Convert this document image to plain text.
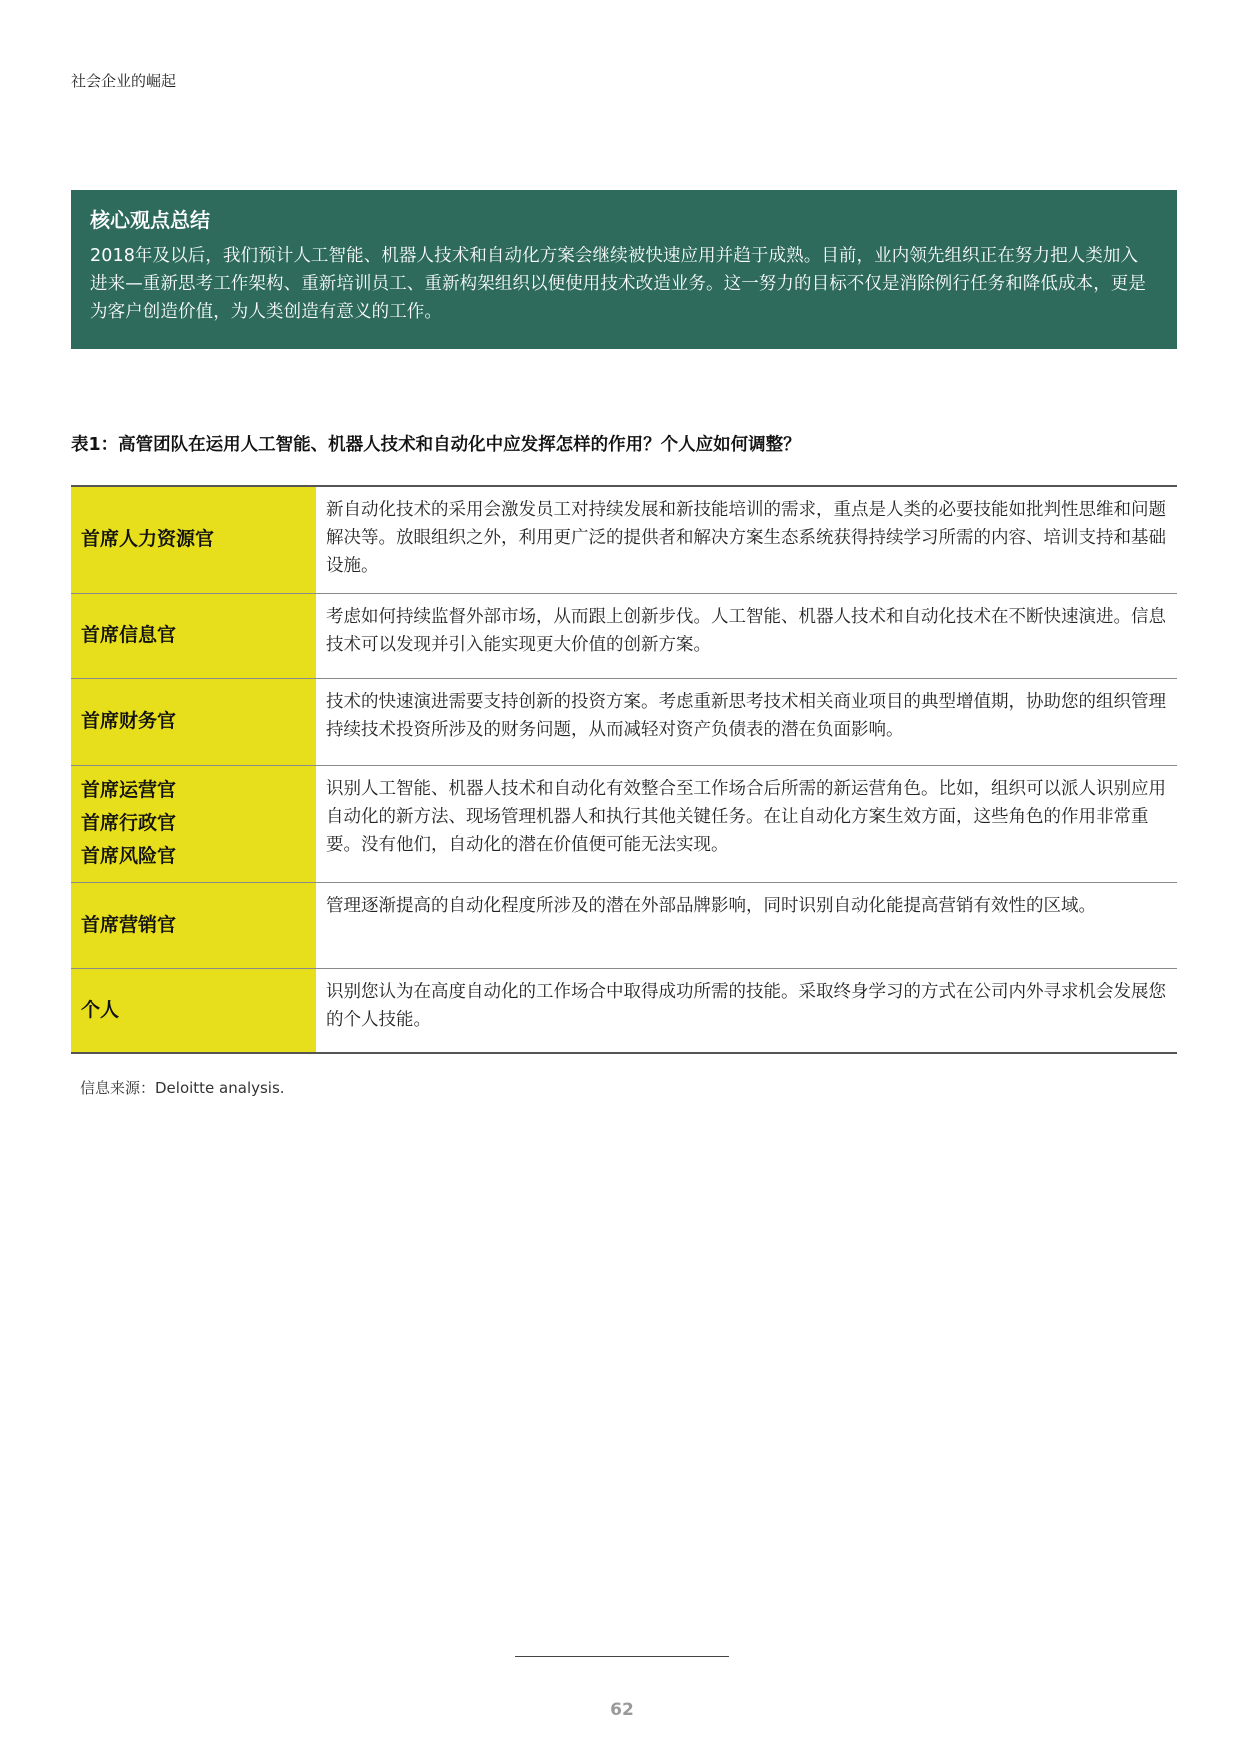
社会企业的崛起
核心观点总结

2018年及以后，我们预计人工智能、机器人技术和自动化方案会继续被快速应用并趋于成熟。目前，业内领先组织正在努力把人类加入进来—重新思考工作架构、重新培训员工、重新构架组织以便使用技术改造业务。这一努力的目标不仅是消除例行任务和降低成本，更是为客户创造价值，为人类创造有意义的工作。

表1：高管团队在运用人工智能、机器人技术和自动化中应发挥怎样的作用？个人应如何调整？
首席人力资源官	新自动化技术的采用会激发员工对持续发展和新技能培训的需求，重点是人类的必要技能如批判性思维和问题解决等。放眼组织之外，利用更广泛的提供者和解决方案生态系统获得持续学习所需的内容、培训支持和基础设施。

首席信息官	考虑如何持续监督外部市场，从而跟上创新步伐。人工智能、机器人技术和自动化技术在不断快速演进。信息技术可以发现并引入能实现更大价值的创新方案。

首席财务官	技术的快速演进需要支持创新的投资方案。考虑重新思考技术相关商业项目的典型增值期，协助您的组织管理持续技术投资所涉及的财务问题，从而减轻对资产负债表的潜在负面影响。

首席运营官
首席行政官
首席风险官	识别人工智能、机器人技术和自动化有效整合至工作场合后所需的新运营角色。比如，组织可以派人识别应用自动化的新方法、现场管理机器人和执行其他关键任务。在让自动化方案生效方面，这些角色的作用非常重要。没有他们，自动化的潜在价值便可能无法实现。

首席营销官	管理逐渐提高的自动化程度所涉及的潜在外部品牌影响，同时识别自动化能提高营销有效性的区域。

个人	识别您认为在高度自动化的工作场合中取得成功所需的技能。采取终身学习的方式在公司内外寻求机会发展您的个人技能。
信息来源：Deloitte analysis.
62
